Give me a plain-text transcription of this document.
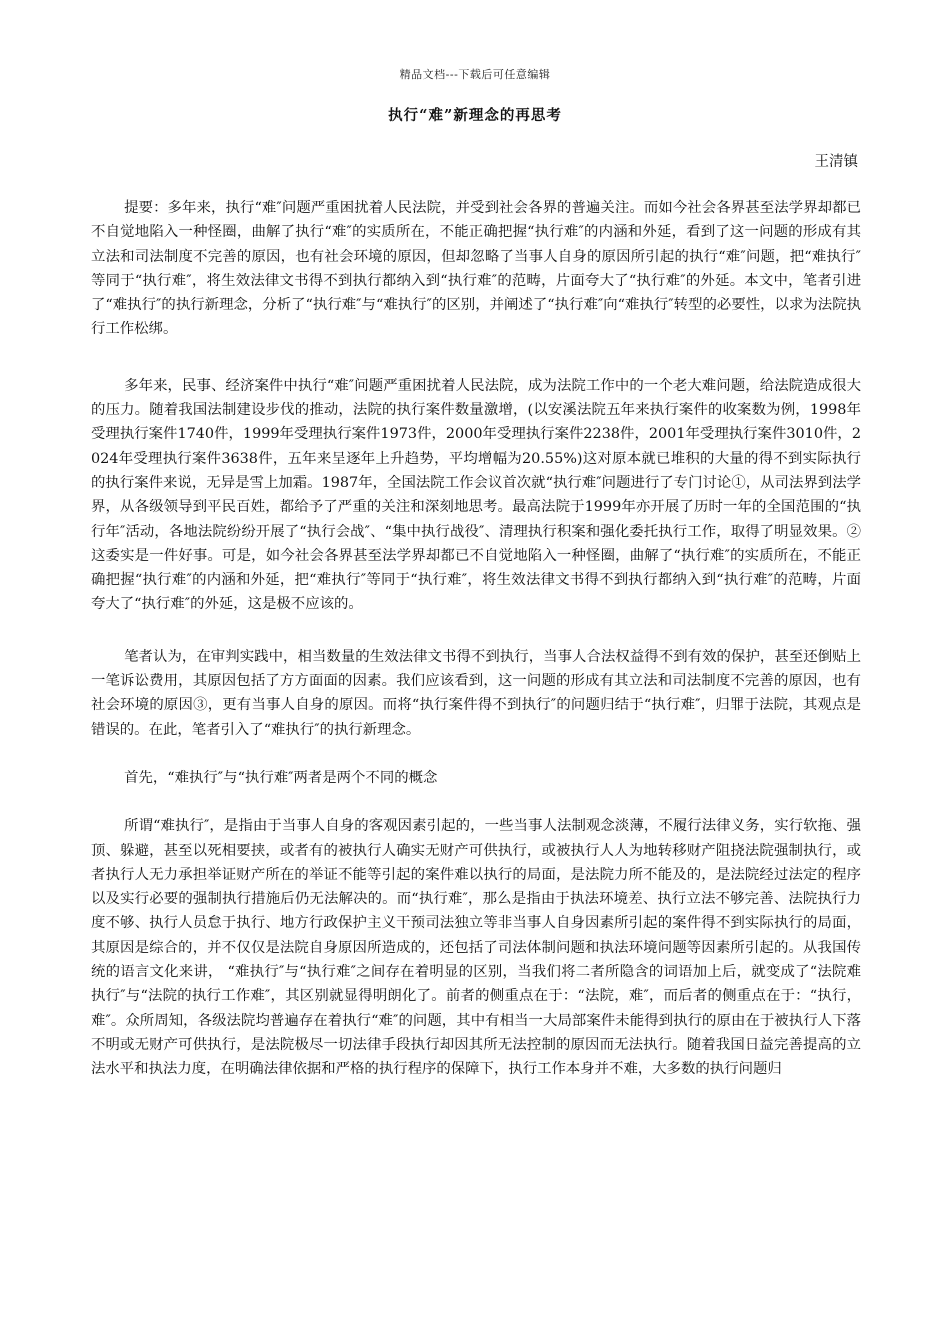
精品文档---下载后可任意编辑
执行“难”新理念的再思考
王清镇

提要：多年来，执行“难″问题严重困扰着人民法院，并受到社会各界的普遍关注。而如今社会各界甚至法学界却都已不自觉地陷入一种怪圈，曲解了执行“难″的实质所在，不能正确把握“执行难″的内涵和外延，看到了这一问题的形成有其立法和司法制度不完善的原因，也有社会环境的原因，但却忽略了当事人自身的原因所引起的执行“难″问题，把“难执行″等同于“执行难″，将生效法律文书得不到执行都纳入到“执行难″的范畴，片面夸大了“执行难″的外延。本文中，笔者引进了“难执行″的执行新理念，分析了“执行难″与“难执行″的区别，并阐述了“执行难″向“难执行″转型的必要性，以求为法院执行工作松绑。

多年来，民事、经济案件中执行“难″问题严重困扰着人民法院，成为法院工作中的一个老大难问题，给法院造成很大的压力。随着我国法制建设步伐的推动，法院的执行案件数量激增，(以安溪法院五年来执行案件的收案数为例，1998年受理执行案件1740件，1999年受理执行案件1973件，2000年受理执行案件2238件，2001年受理执行案件3010件，2024年受理执行案件3638件，五年来呈逐年上升趋势，平均增幅为20.55%)这对原本就已堆积的大量的得不到实际执行的执行案件来说，无异是雪上加霜。1987年，全国法院工作会议首次就“执行难″问题进行了专门讨论①，从司法界到法学界，从各级领导到平民百姓，都给予了严重的关注和深刻地思考。最高法院于1999年亦开展了历时一年的全国范围的“执行年″活动，各地法院纷纷开展了“执行会战″、“集中执行战役″、清理执行积案和强化委托执行工作，取得了明显效果。②这委实是一件好事。可是，如今社会各界甚至法学界却都已不自觉地陷入一种怪圈，曲解了“执行难″的实质所在，不能正确把握“执行难″的内涵和外延，把“难执行″等同于“执行难″，将生效法律文书得不到执行都纳入到“执行难″的范畴，片面夸大了“执行难″的外延，这是极不应该的。

笔者认为，在审判实践中，相当数量的生效法律文书得不到执行，当事人合法权益得不到有效的保护，甚至还倒贴上一笔诉讼费用，其原因包括了方方面面的因素。我们应该看到，这一问题的形成有其立法和司法制度不完善的原因，也有社会环境的原因③，更有当事人自身的原因。而将“执行案件得不到执行″的问题归结于“执行难″，归罪于法院，其观点是错误的。在此，笔者引入了“难执行″的执行新理念。

首先，“难执行″与“执行难″两者是两个不同的概念

所谓“难执行″，是指由于当事人自身的客观因素引起的，一些当事人法制观念淡薄，不履行法律义务，实行软拖、强顶、躲避，甚至以死相要挟，或者有的被执行人确实无财产可供执行，或被执行人人为地转移财产阻挠法院强制执行，或者执行人无力承担举证财产所在的举证不能等引起的案件难以执行的局面，是法院力所不能及的，是法院经过法定的程序以及实行必要的强制执行措施后仍无法解决的。而“执行难″，那么是指由于执法环境差、执行立法不够完善、法院执行力度不够、执行人员怠于执行、地方行政保护主义干预司法独立等非当事人自身因素所引起的案件得不到实际执行的局面，其原因是综合的，并不仅仅是法院自身原因所造成的，还包括了司法体制问题和执法环境问题等因素所引起的。从我国传统的语言文化来讲， “难执行″与“执行难″之间存在着明显的区别，当我们将二者所隐含的词语加上后，就变成了“法院难执行″与“法院的执行工作难″，其区别就显得明朗化了。前者的侧重点在于：“法院，难″，而后者的侧重点在于：“执行，难″。众所周知，各级法院均普遍存在着执行“难″的问题，其中有相当一大局部案件未能得到执行的原由在于被执行人下落不明或无财产可供执行，是法院极尽一切法律手段执行却因其所无法控制的原因而无法执行。随着我国日益完善提高的立法水平和执法力度，在明确法律依据和严格的执行程序的保障下，执行工作本身并不难，大多数的执行问题归
